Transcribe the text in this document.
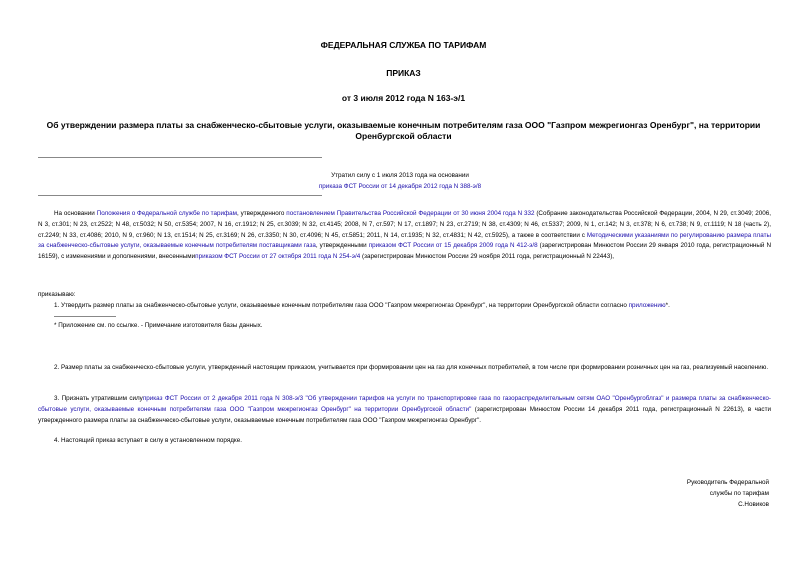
ФЕДЕРАЛЬНАЯ СЛУЖБА ПО ТАРИФАМ
ПРИКАЗ
от 3 июля 2012 года N 163-э/1
Об утверждении размера платы за снабженческо-сбытовые услуги, оказываемые конечным потребителям газа ООО "Газпром межрегионгаз Оренбург", на территории Оренбургской области
Утратил силу с 1 июля 2013 года на основании
приказа ФСТ России от 14 декабря 2012 года N 388-э/8
На основании Положения о Федеральной службе по тарифам, утвержденного постановлением Правительства Российской Федерации от 30 июня 2004 года N 332 (Собрание законодательства Российской Федерации, 2004, N 29, ст.3049; 2006, N 3, ст.301; N 23, ст.2522; N 48, ст.5032; N 50, ст.5354; 2007, N 16, ст.1912; N 25, ст.3039; N 32, ст.4145; 2008, N 7, ст.597; N 17, ст.1897; N 23, ст.2719; N 38, ст.4309; N 46, ст.5337; 2009, N 1, ст.142; N 3, ст.378; N 6, ст.738; N 9, ст.1119; N 18 (часть 2), ст.2249; N 33, ст.4086; 2010, N 9, ст.960; N 13, ст.1514; N 25, ст.3169; N 26, ст.3350; N 30, ст.4096; N 45, ст.5851; 2011, N 14, ст.1935; N 32, ст.4831; N 42, ст.5925), а также в соответствии с Методическими указаниями по регулированию размера платы за снабженческо-сбытовые услуги, оказываемые конечным потребителям поставщиками газа, утвержденными приказом ФСТ России от 15 декабря 2009 года N 412-э/8 (зарегистрирован Минюстом России 29 января 2010 года, регистрационный N 16159), с изменениями и дополнениями, внесеннымиприказом ФСТ России от 27 октября 2011 года N 254-э/4 (зарегистрирован Минюстом России 29 ноября 2011 года, регистрационный N 22443),
приказываю:
1. Утвердить размер платы за снабженческо-сбытовые услуги, оказываемые конечным потребителям газа ООО "Газпром межрегионгаз Оренбург", на территории Оренбургской области согласно приложению*.
* Приложение см. по ссылке. - Примечание изготовителя базы данных.
2. Размер платы за снабженческо-сбытовые услуги, утвержденный настоящим приказом, учитывается при формировании цен на газ для конечных потребителей, в том числе при формировании розничных цен на газ, реализуемый населению.
3. Признать утратившим силуприказ ФСТ России от 2 декабря 2011 года N 308-э/3 "Об утверждении тарифов на услуги по транспортировке газа по газораспределительным сетям ОАО "Оренбургоблгаз" и размера платы за снабженческо-сбытовые услуги, оказываемые конечным потребителям газа ООО "Газпром межрегионгаз Оренбург" на территории Оренбургской области" (зарегистрирован Минюстом России 14 декабря 2011 года, регистрационный N 22613), в части утвержденного размера платы за снабженческо-сбытовые услуги, оказываемые конечным потребителям газа ООО "Газпром межрегионгаз Оренбург".
4. Настоящий приказ вступает в силу в установленном порядке.
Руководитель Федеральной
службы по тарифам
С.Новиков
